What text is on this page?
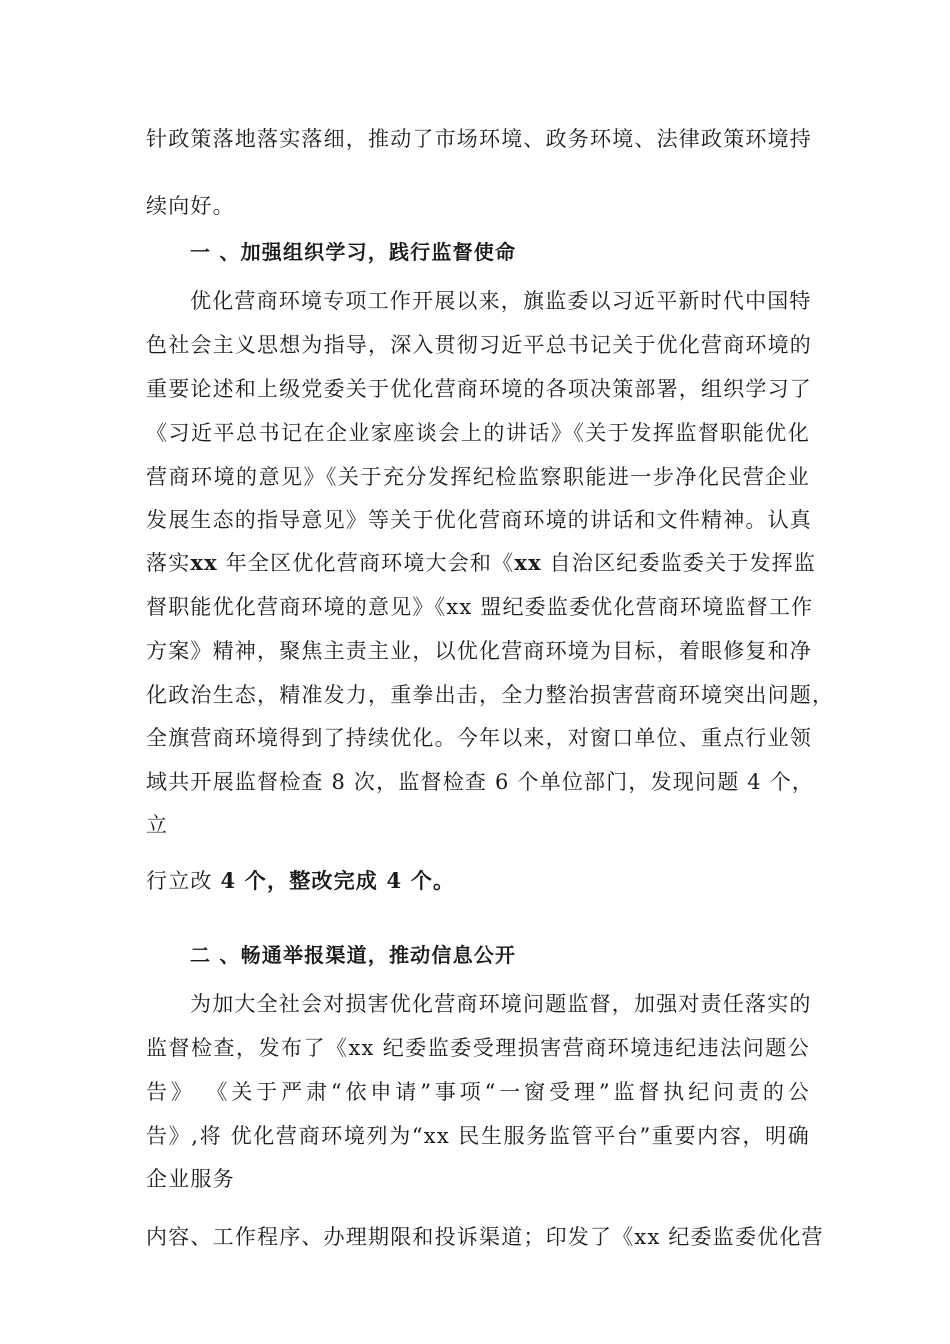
针政策落地落实落细，推动了市场环境、政务环境、法律政策环境持
续向好。
一 、加强组织学习，践行监督使命
优化营商环境专项工作开展以来，旗监委以习近平新时代中国特
色社会主义思想为指导，深入贯彻习近平总书记关于优化营商环境的
重要论述和上级党委关于优化营商环境的各项决策部署，组织学习了
《习近平总书记在企业家座谈会上的讲话》《关于发挥监督职能优化
营商环境的意见》《关于充分发挥纪检监察职能进一步净化民营企业
发展生态的指导意见》等关于优化营商环境的讲话和文件精神。认真
落实xx 年全区优化营商环境大会和《xx 自治区纪委监委关于发挥监
督职能优化营商环境的意见》《xx 盟纪委监委优化营商环境监督工作
方案》精神，聚焦主责主业，以优化营商环境为目标，着眼修复和净
化政治生态，精准发力，重拳出击，全力整治损害营商环境突出问题，
全旗营商环境得到了持续优化。今年以来，对窗口单位、重点行业领
域共开展监督检查 8 次，监督检查 6 个单位部门，发现问题 4 个，
立
行立改 4 个，整改完成 4 个。
二 、畅通举报渠道，推动信息公开
为加大全社会对损害优化营商环境问题监督，加强对责任落实的
监督检查，发布了《xx 纪委监委受理损害营商环境违纪违法问题公
告》 《关于严肃“依申请”事项“一窗受理”监督执纪问责的公
告》,将 优化营商环境列为“xx 民生服务监管平台”重要内容，明确
企业服务
内容、工作程序、办理期限和投诉渠道；印发了《xx 纪委监委优化营
